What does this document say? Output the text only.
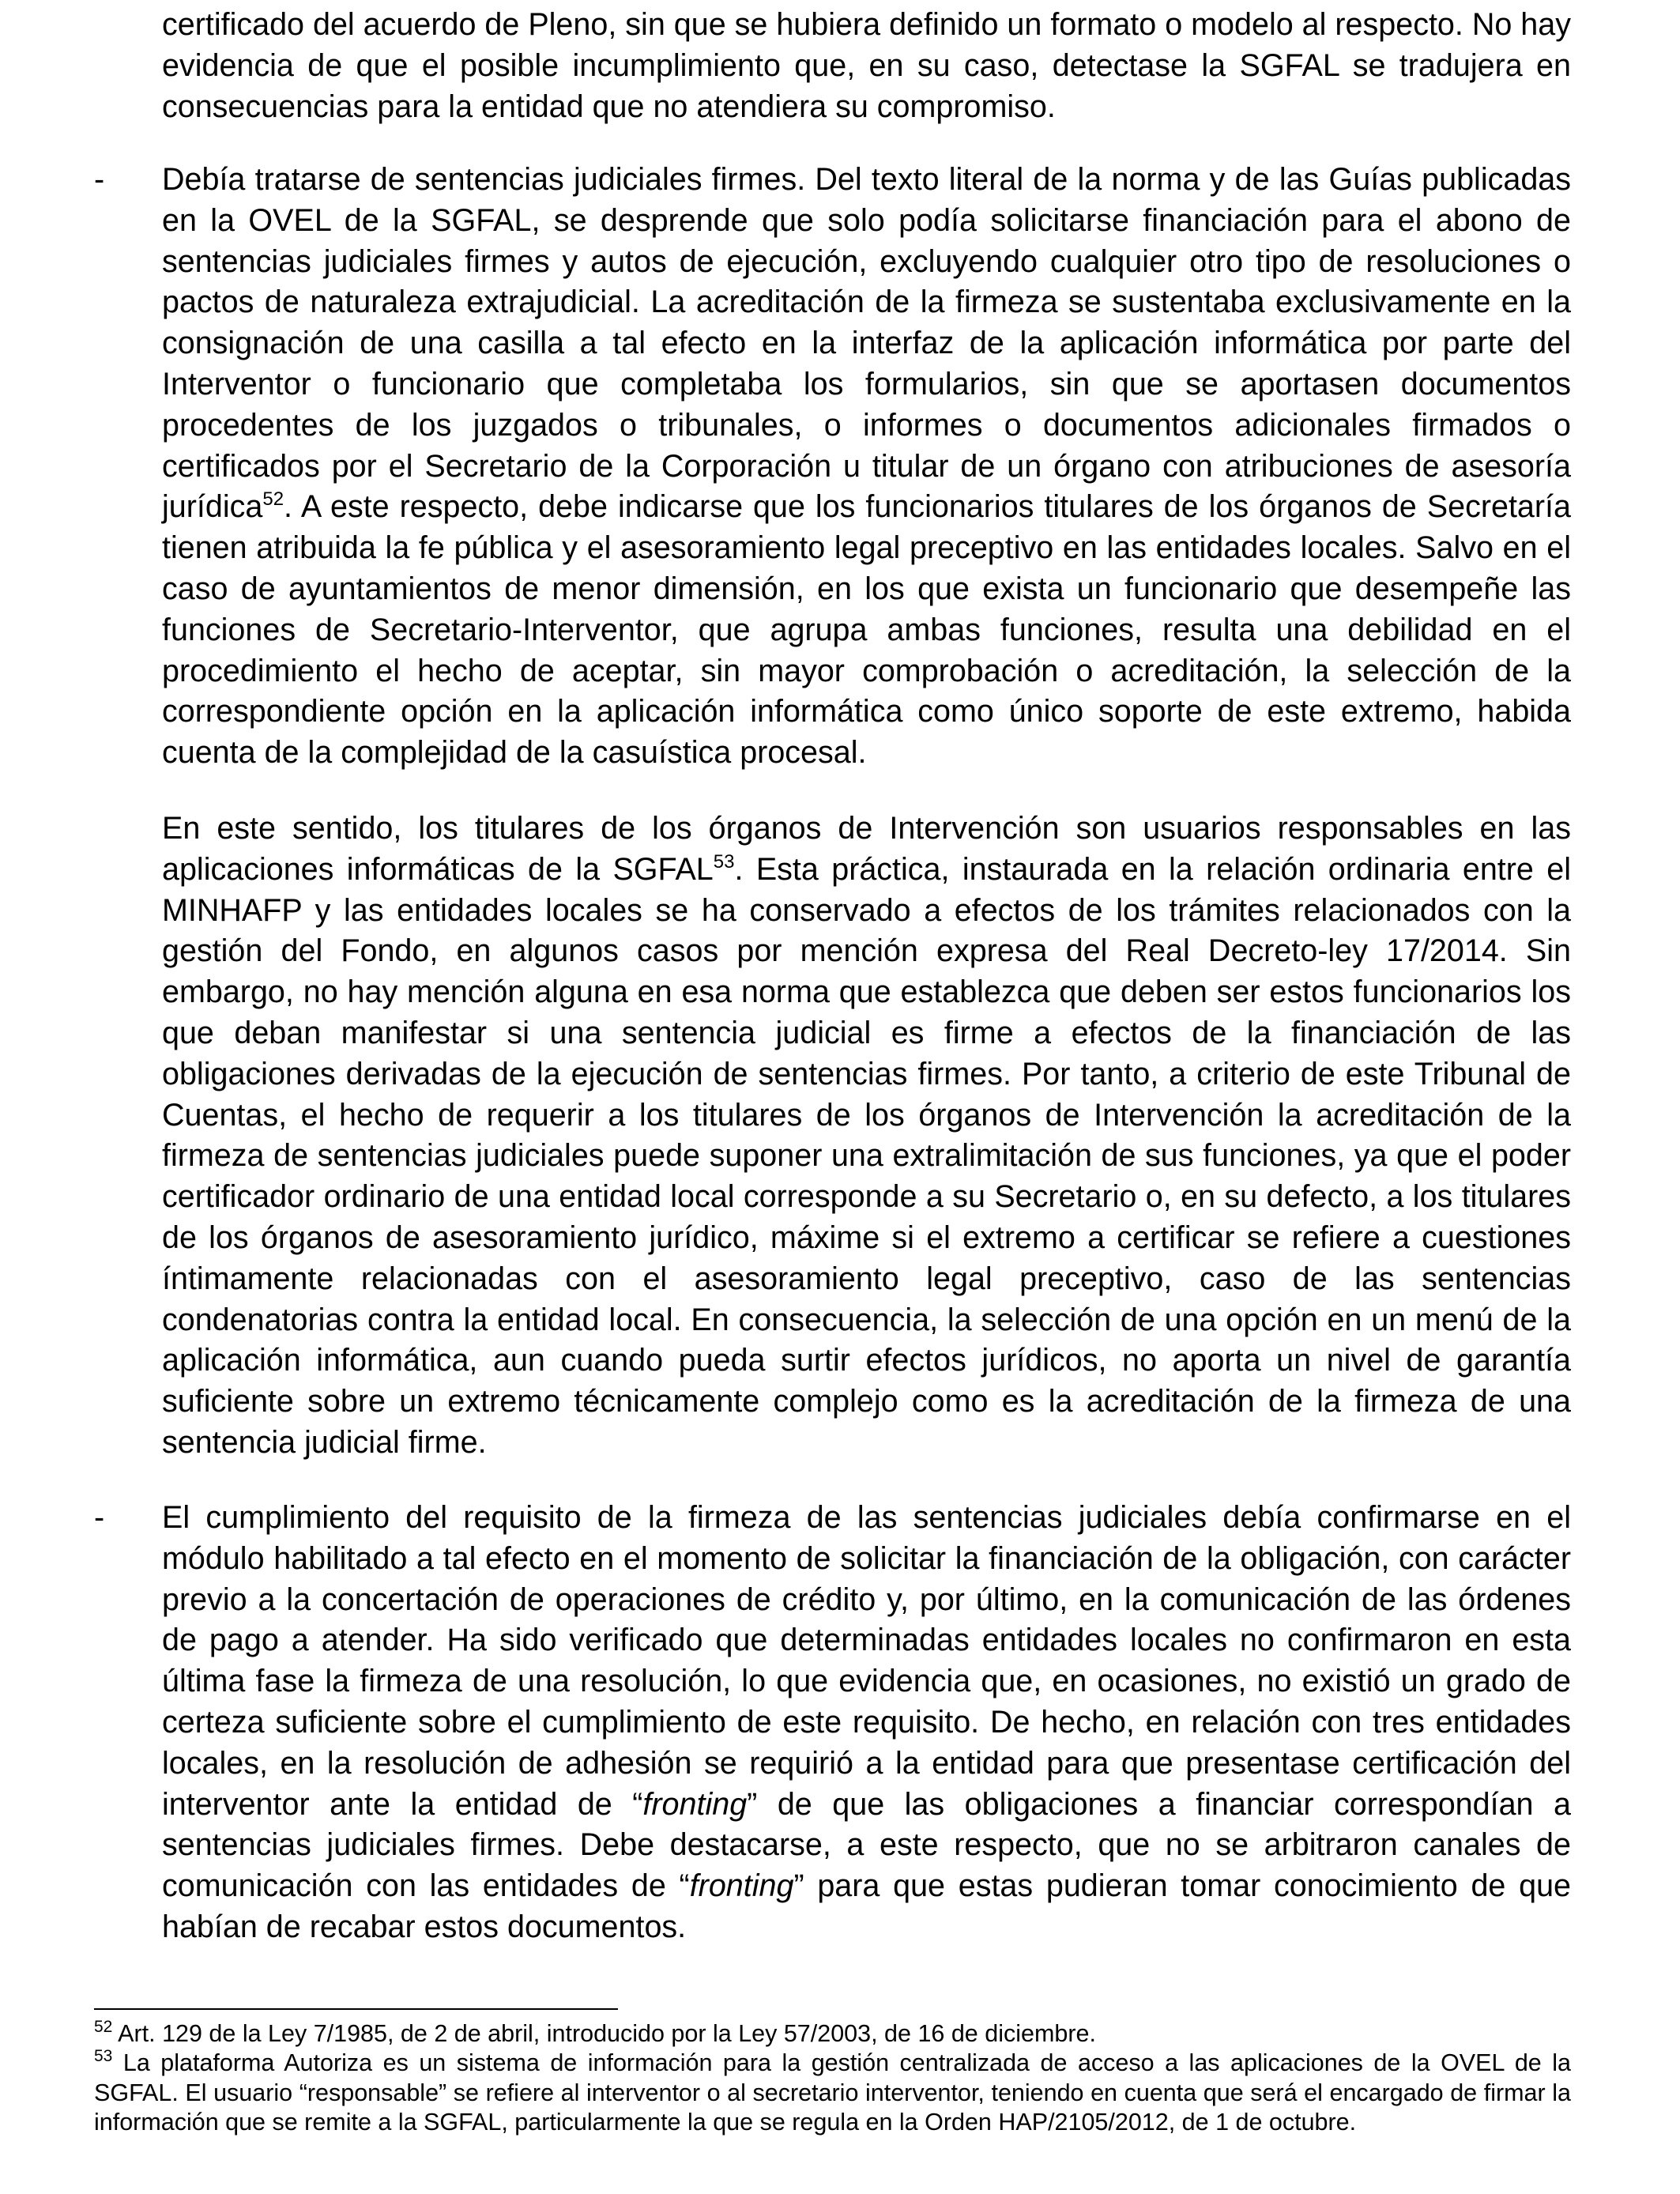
certificado del acuerdo de Pleno, sin que se hubiera definido un formato o modelo al respecto. No hay evidencia de que el posible incumplimiento que, en su caso, detectase la SGFAL se tradujera en consecuencias para la entidad que no atendiera su compromiso.

- Debía tratarse de sentencias judiciales firmes. Del texto literal de la norma y de las Guías publicadas en la OVEL de la SGFAL, se desprende que solo podía solicitarse financiación para el abono de sentencias judiciales firmes y autos de ejecución, excluyendo cualquier otro tipo de resoluciones o pactos de naturaleza extrajudicial. La acreditación de la firmeza se sustentaba exclusivamente en la consignación de una casilla a tal efecto en la interfaz de la aplicación informática por parte del Interventor o funcionario que completaba los formularios, sin que se aportasen documentos procedentes de los juzgados o tribunales, o informes o documentos adicionales firmados o certificados por el Secretario de la Corporación u titular de un órgano con atribuciones de asesoría jurídica$^{52}$. A este respecto, debe indicarse que los funcionarios titulares de los órganos de Secretaría tienen atribuida la fe pública y el asesoramiento legal preceptivo en las entidades locales. Salvo en el caso de ayuntamientos de menor dimensión, en los que exista un funcionario que desempeñe las funciones de Secretario-Interventor, que agrupa ambas funciones, resulta una debilidad en el procedimiento el hecho de aceptar, sin mayor comprobación o acreditación, la selección de la correspondiente opción en la aplicación informática como único soporte de este extremo, habida cuenta de la complejidad de la casuística procesal.

En este sentido, los titulares de los órganos de Intervención son usuarios responsables en las aplicaciones informáticas de la SGFAL$^{53}$. Esta práctica, instaurada en la relación ordinaria entre el MINHAFP y las entidades locales se ha conservado a efectos de los trámites relacionados con la gestión del Fondo, en algunos casos por mención expresa del Real Decreto-ley 17/2014. Sin embargo, no hay mención alguna en esa norma que establezca que deben ser estos funcionarios los que deban manifestar si una sentencia judicial es firme a efectos de la financiación de las obligaciones derivadas de la ejecución de sentencias firmes. Por tanto, a criterio de este Tribunal de Cuentas, el hecho de requerir a los titulares de los órganos de Intervención la acreditación de la firmeza de sentencias judiciales puede suponer una extralimitación de sus funciones, ya que el poder certificador ordinario de una entidad local corresponde a su Secretario o, en su defecto, a los titulares de los órganos de asesoramiento jurídico, máxime si el extremo a certificar se refiere a cuestiones íntimamente relacionadas con el asesoramiento legal preceptivo, caso de las sentencias condenatorias contra la entidad local. En consecuencia, la selección de una opción en un menú de la aplicación informática, aun cuando pueda surtir efectos jurídicos, no aporta un nivel de garantía suficiente sobre un extremo técnicamente complejo como es la acreditación de la firmeza de una sentencia judicial firme.

- El cumplimiento del requisito de la firmeza de las sentencias judiciales debía confirmarse en el módulo habilitado a tal efecto en el momento de solicitar la financiación de la obligación, con carácter previo a la concertación de operaciones de crédito y, por último, en la comunicación de las órdenes de pago a atender. Ha sido verificado que determinadas entidades locales no confirmaron en esta última fase la firmeza de una resolución, lo que evidencia que, en ocasiones, no existió un grado de certeza suficiente sobre el cumplimiento de este requisito. De hecho, en relación con tres entidades locales, en la resolución de adhesión se requirió a la entidad para que presentase certificación del interventor ante la entidad de “fronting” de que las obligaciones a financiar correspondían a sentencias judiciales firmes. Debe destacarse, a este respecto, que no se arbitraron canales de comunicación con las entidades de “fronting” para que estas pudieran tomar conocimiento de que habían de recabar estos documentos.

$^{52}$ Art. 129 de la Ley 7/1985, de 2 de abril, introducido por la Ley 57/2003, de 16 de diciembre.

$^{53}$ La plataforma Autoriza es un sistema de información para la gestión centralizada de acceso a las aplicaciones de la OVEL de la SGFAL. El usuario “responsable” se refiere al interventor o al secretario interventor, teniendo en cuenta que será el encargado de firmar la información que se remite a la SGFAL, particularmente la que se regula en la Orden HAP/2105/2012, de 1 de octubre.
